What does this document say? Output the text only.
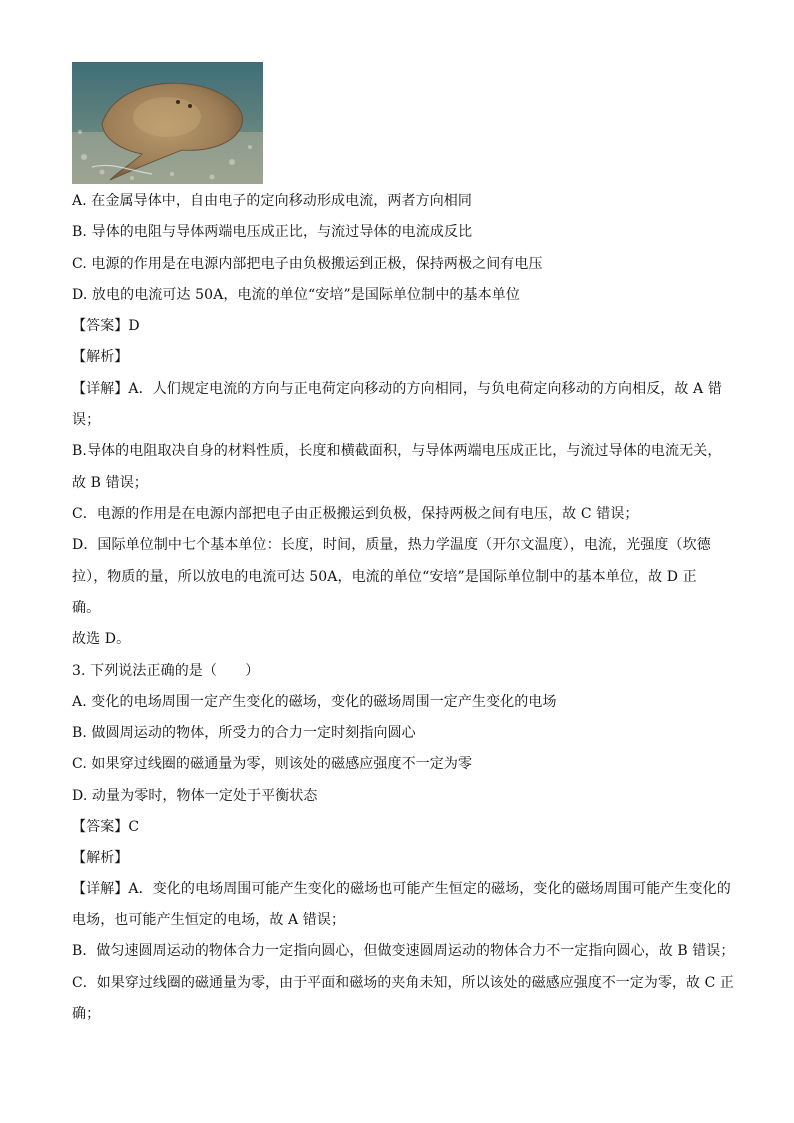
A. 在金属导体中，自由电子的定向移动形成电流，两者方向相同
B. 导体的电阻与导体两端电压成正比，与流过导体的电流成反比
C. 电源的作用是在电源内部把电子由负极搬运到正极，保持两极之间有电压
D. 放电的电流可达 50A，电流的单位“安培”是国际单位制中的基本单位
【答案】D
【解析】
【详解】A．人们规定电流的方向与正电荷定向移动的方向相同，与负电荷定向移动的方向相反，故 A 错
误；
B.导体的电阻取决自身的材料性质，长度和横截面积，与导体两端电压成正比，与流过导体的电流无关，
故 B 错误；
C．电源的作用是在电源内部把电子由正极搬运到负极，保持两极之间有电压，故 C 错误；
D．国际单位制中七个基本单位：长度，时间，质量，热力学温度（开尔文温度），电流，光强度（坎德
拉），物质的量，所以放电的电流可达 50A，电流的单位“安培”是国际单位制中的基本单位，故 D 正
确。
故选 D。
3. 下列说法正确的是（　　）
A. 变化的电场周围一定产生变化的磁场，变化的磁场周围一定产生变化的电场
B. 做圆周运动的物体，所受力的合力一定时刻指向圆心
C. 如果穿过线圈的磁通量为零，则该处的磁感应强度不一定为零
D. 动量为零时，物体一定处于平衡状态
【答案】C
【解析】
【详解】A．变化的电场周围可能产生变化的磁场也可能产生恒定的磁场，变化的磁场周围可能产生变化的
电场，也可能产生恒定的电场，故 A 错误；
B．做匀速圆周运动的物体合力一定指向圆心，但做变速圆周运动的物体合力不一定指向圆心，故 B 错误；
C．如果穿过线圈的磁通量为零，由于平面和磁场的夹角未知，所以该处的磁感应强度不一定为零，故 C 正
确；
